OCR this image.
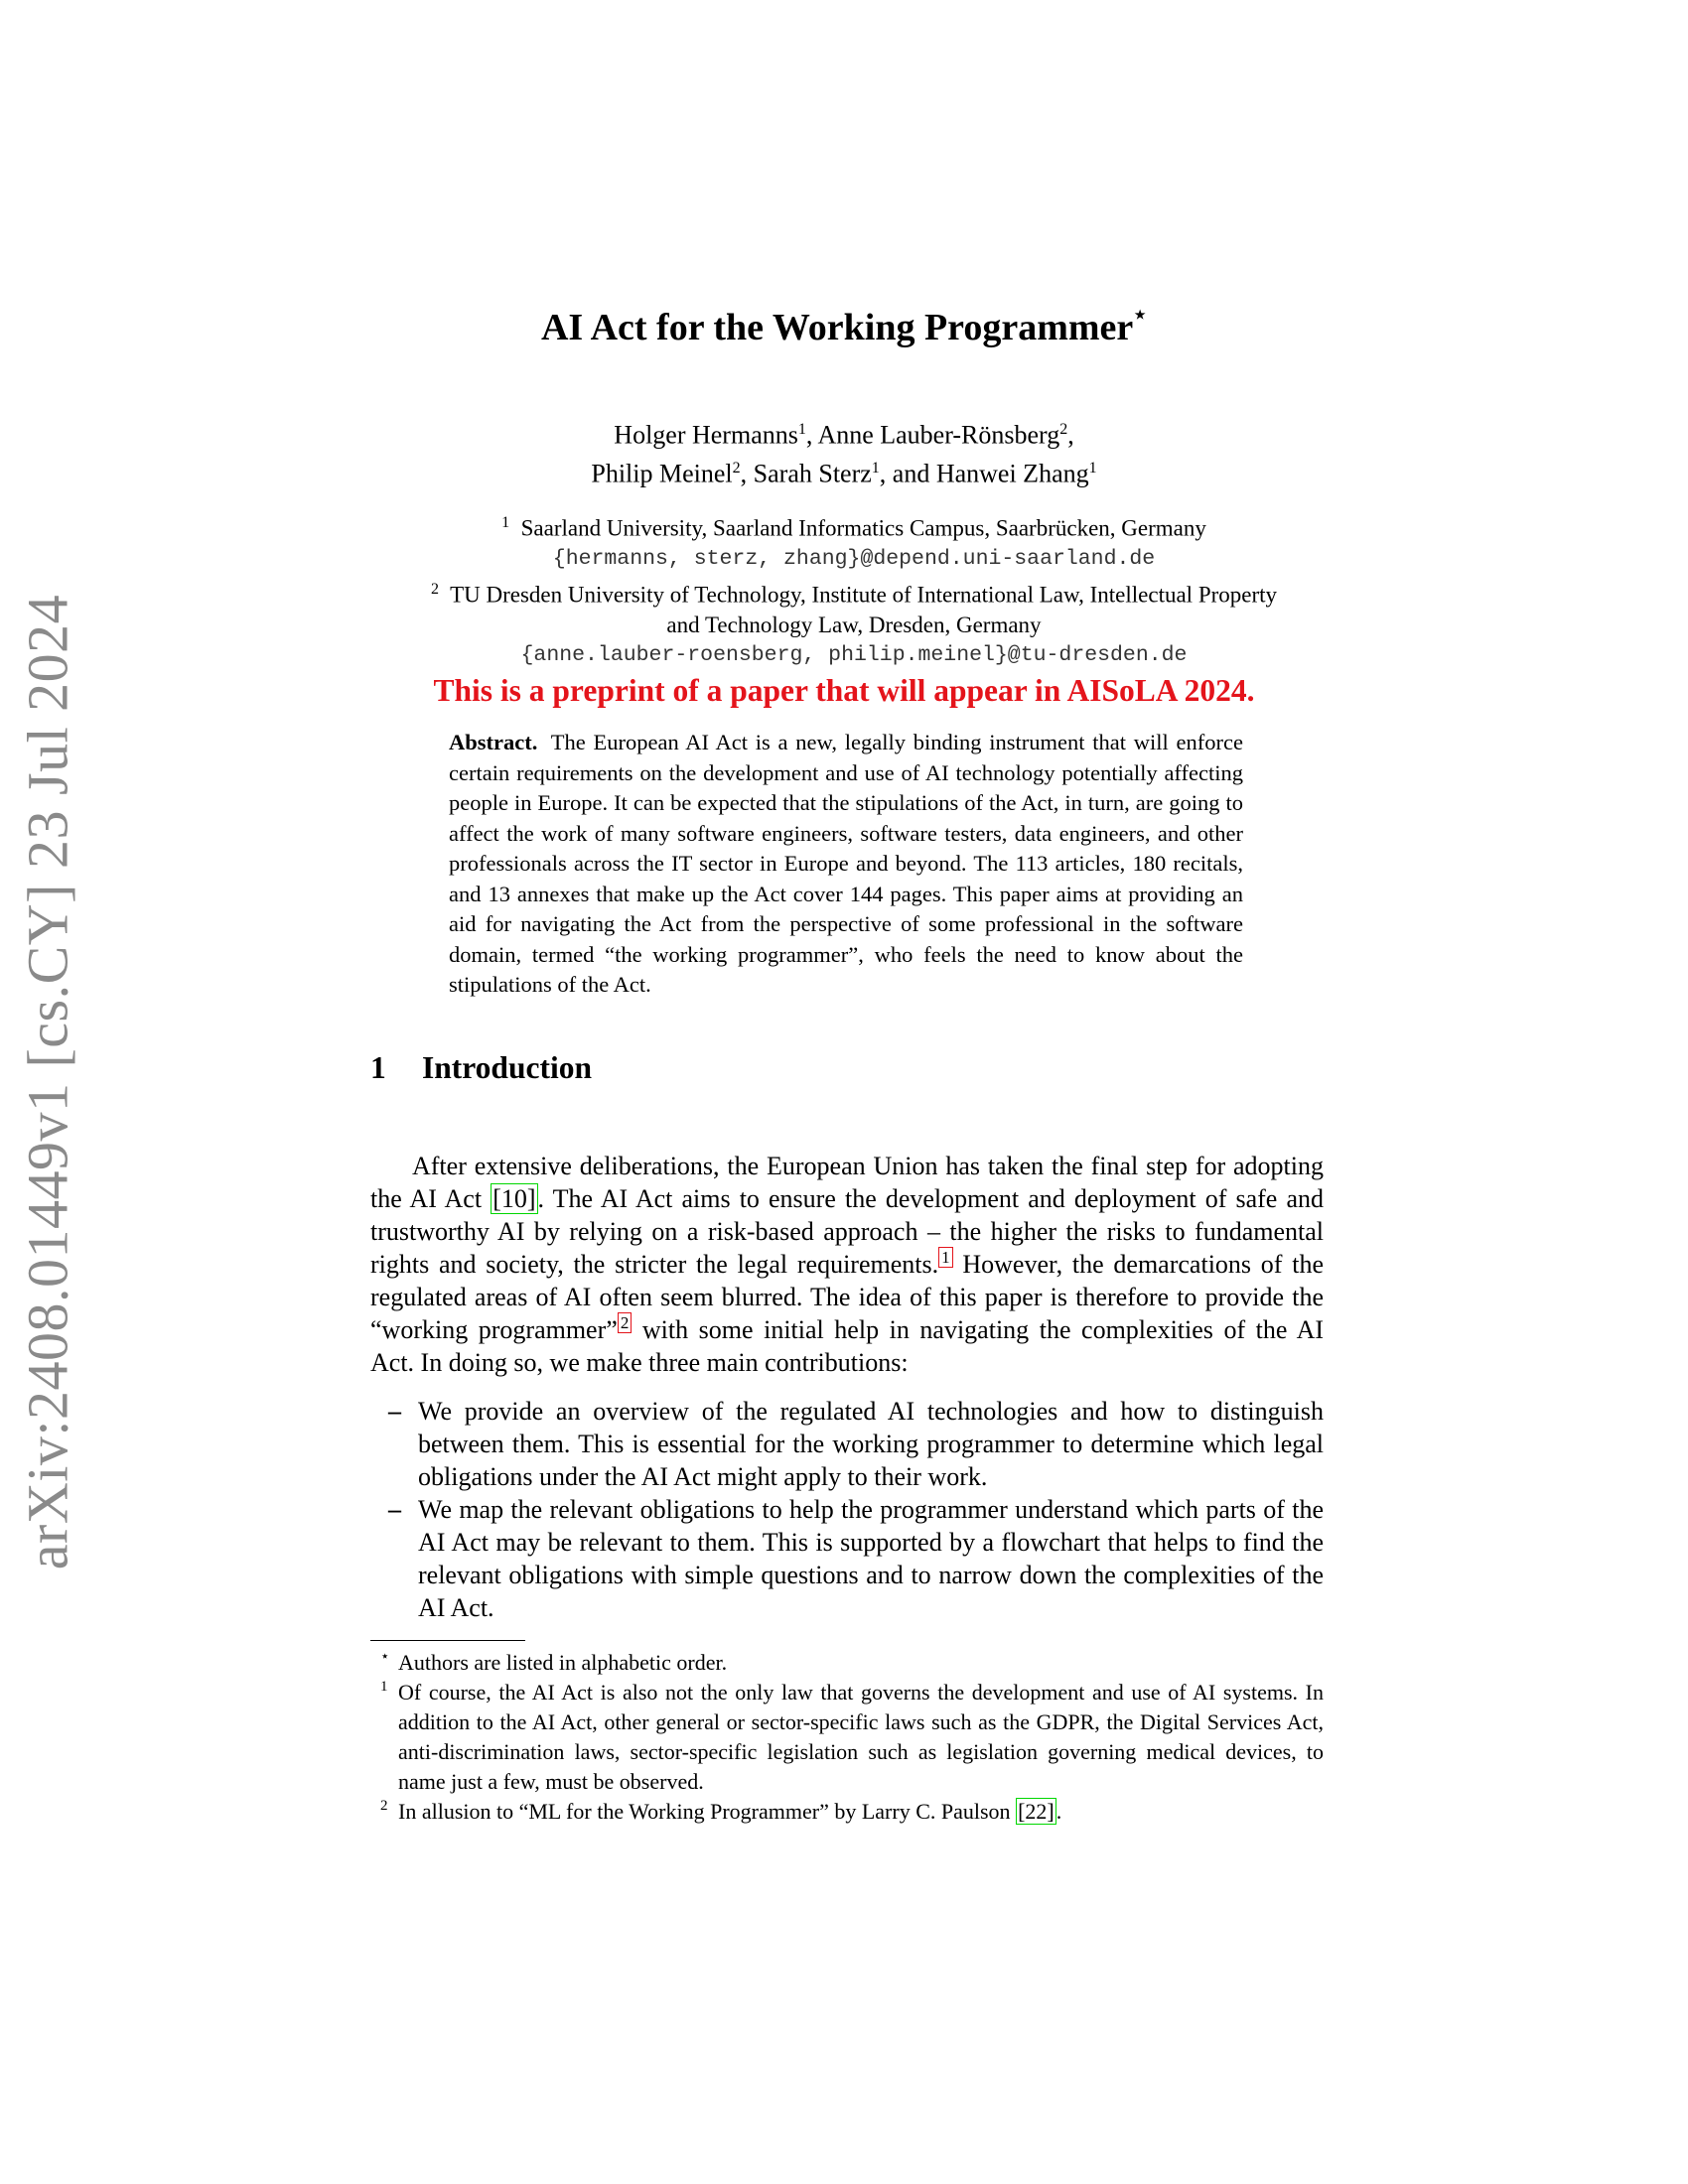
arXiv:2408.01449v1 [cs.CY] 23 Jul 2024
AI Act for the Working Programmer⋆
Holger Hermanns$^1$, Anne Lauber-Rönsberg$^2$,
Philip Meinel$^2$, Sarah Sterz$^1$, and Hanwei Zhang$^1$
$^1$ Saarland University, Saarland Informatics Campus, Saarbrücken, Germany
{hermanns, sterz, zhang}@depend.uni-saarland.de
$^2$ TU Dresden University of Technology, Institute of International Law, Intellectual Property
and Technology Law, Dresden, Germany
{anne.lauber-roensberg, philip.meinel}@tu-dresden.de
This is a preprint of a paper that will appear in AISoLA 2024.
Abstract. The European AI Act is a new, legally binding instrument that will enforce certain requirements on the development and use of AI technology potentially affecting people in Europe. It can be expected that the stipulations of the Act, in turn, are going to affect the work of many software engineers, software testers, data engineers, and other professionals across the IT sector in Europe and beyond. The 113 articles, 180 recitals, and 13 annexes that make up the Act cover 144 pages. This paper aims at providing an aid for navigating the Act from the perspective of some professional in the software domain, termed “the working programmer”, who feels the need to know about the stipulations of the Act.
1 Introduction

After extensive deliberations, the European Union has taken the final step for adopting the AI Act [10]. The AI Act aims to ensure the development and deployment of safe and trustworthy AI by relying on a risk-based approach – the higher the risks to fundamental rights and society, the stricter the legal requirements. $^1$ However, the demarcations of the regulated areas of AI often seem blurred. The idea of this paper is therefore to provide the “working programmer” $^2$ with some initial help in navigating the complexities of the AI Act. In doing so, we make three main contributions:

– We provide an overview of the regulated AI technologies and how to distinguish between them. This is essential for the working programmer to determine which legal obligations under the AI Act might apply to their work.
– We map the relevant obligations to help the programmer understand which parts of the AI Act may be relevant to them. This is supported by a flowchart that helps to find the relevant obligations with simple questions and to narrow down the complexities of the AI Act.
⋆ Authors are listed in alphabetic order.
1 Of course, the AI Act is also not the only law that governs the development and use of AI systems. In addition to the AI Act, other general or sector-specific laws such as the GDPR, the Digital Services Act, anti-discrimination laws, sector-specific legislation such as legislation governing medical devices, to name just a few, must be observed.
2 In allusion to “ML for the Working Programmer” by Larry C. Paulson [22].
